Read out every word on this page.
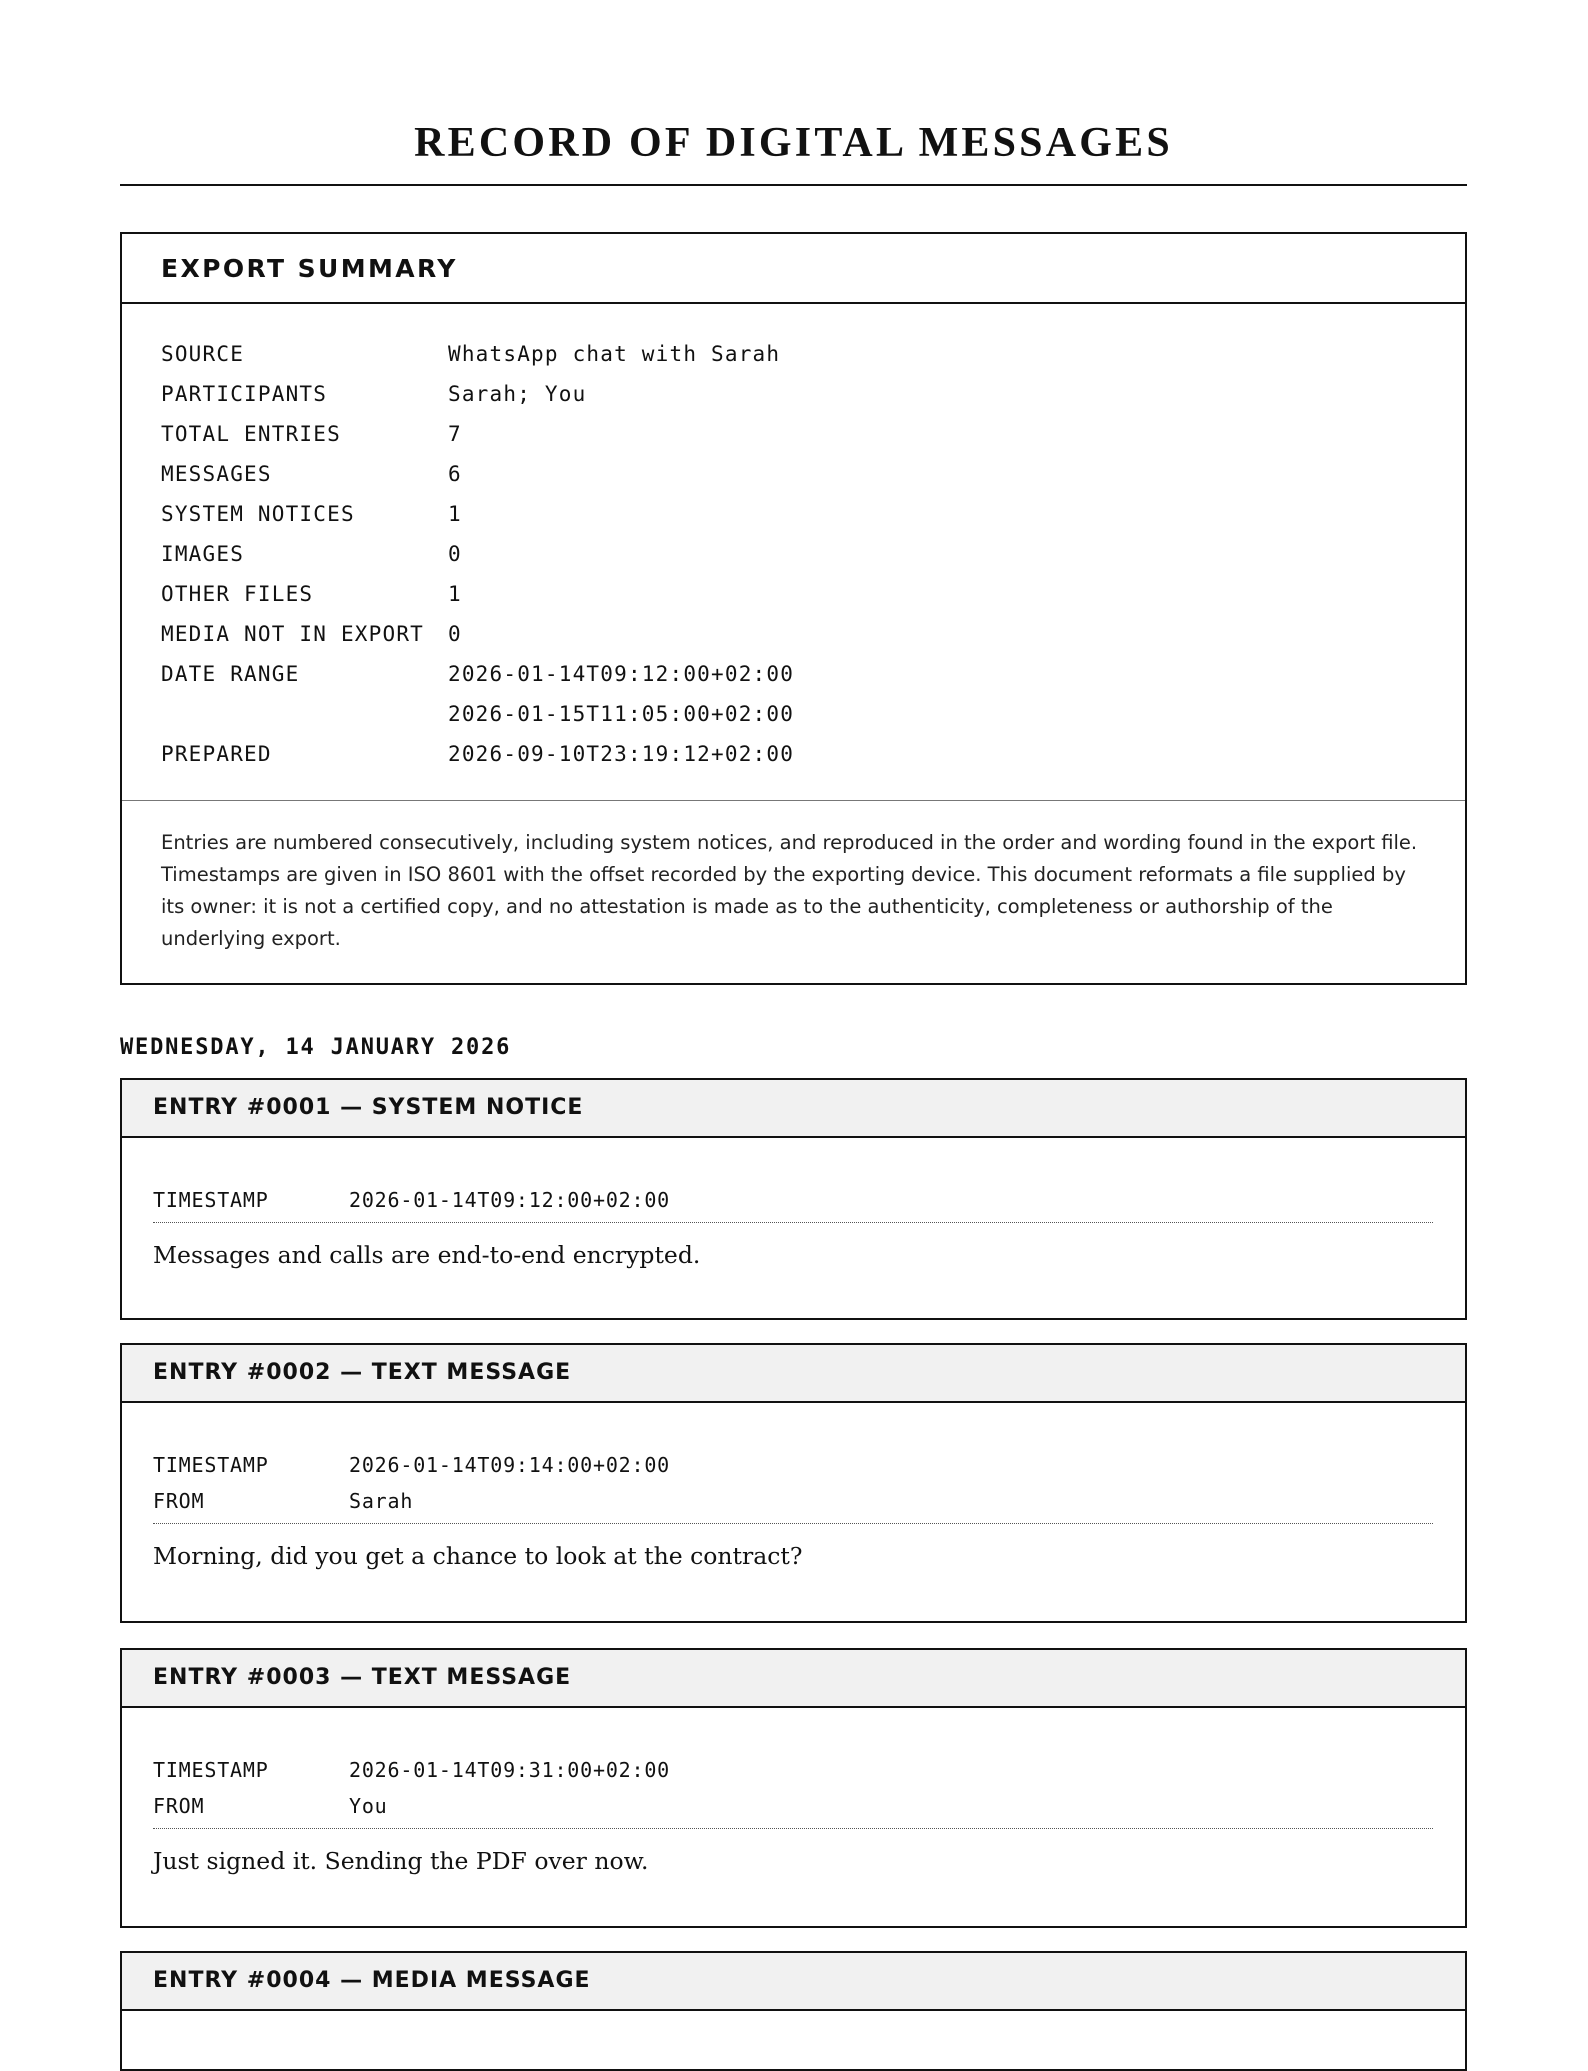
RECORD OF DIGITAL MESSAGES
EXPORT SUMMARY
SOURCE	WhatsApp chat with Sarah
PARTICIPANTS	Sarah; You
TOTAL ENTRIES	7
MESSAGES	6
SYSTEM NOTICES	1
IMAGES	0
OTHER FILES	1
MEDIA NOT IN EXPORT	0
DATE RANGE	2026-01-14T09:12:00+02:00
2026-01-15T11:05:00+02:00
PREPARED	2026-09-10T23:19:12+02:00
Entries are numbered consecutively, including system notices, and reproduced in the order and wording found in the export file. Timestamps are given in ISO 8601 with the offset recorded by the exporting device. This document reformats a file supplied by its owner: it is not a certified copy, and no attestation is made as to the authenticity, completeness or authorship of the underlying export.
WEDNESDAY, 14 JANUARY 2026
ENTRY #0001 — SYSTEM NOTICE
TIMESTAMP	2026-01-14T09:12:00+02:00
Messages and calls are end-to-end encrypted.
ENTRY #0002 — TEXT MESSAGE
TIMESTAMP	2026-01-14T09:14:00+02:00
FROM	Sarah
Morning, did you get a chance to look at the contract?
ENTRY #0003 — TEXT MESSAGE
TIMESTAMP	2026-01-14T09:31:00+02:00
FROM	You
Just signed it. Sending the PDF over now.
ENTRY #0004 — MEDIA MESSAGE
